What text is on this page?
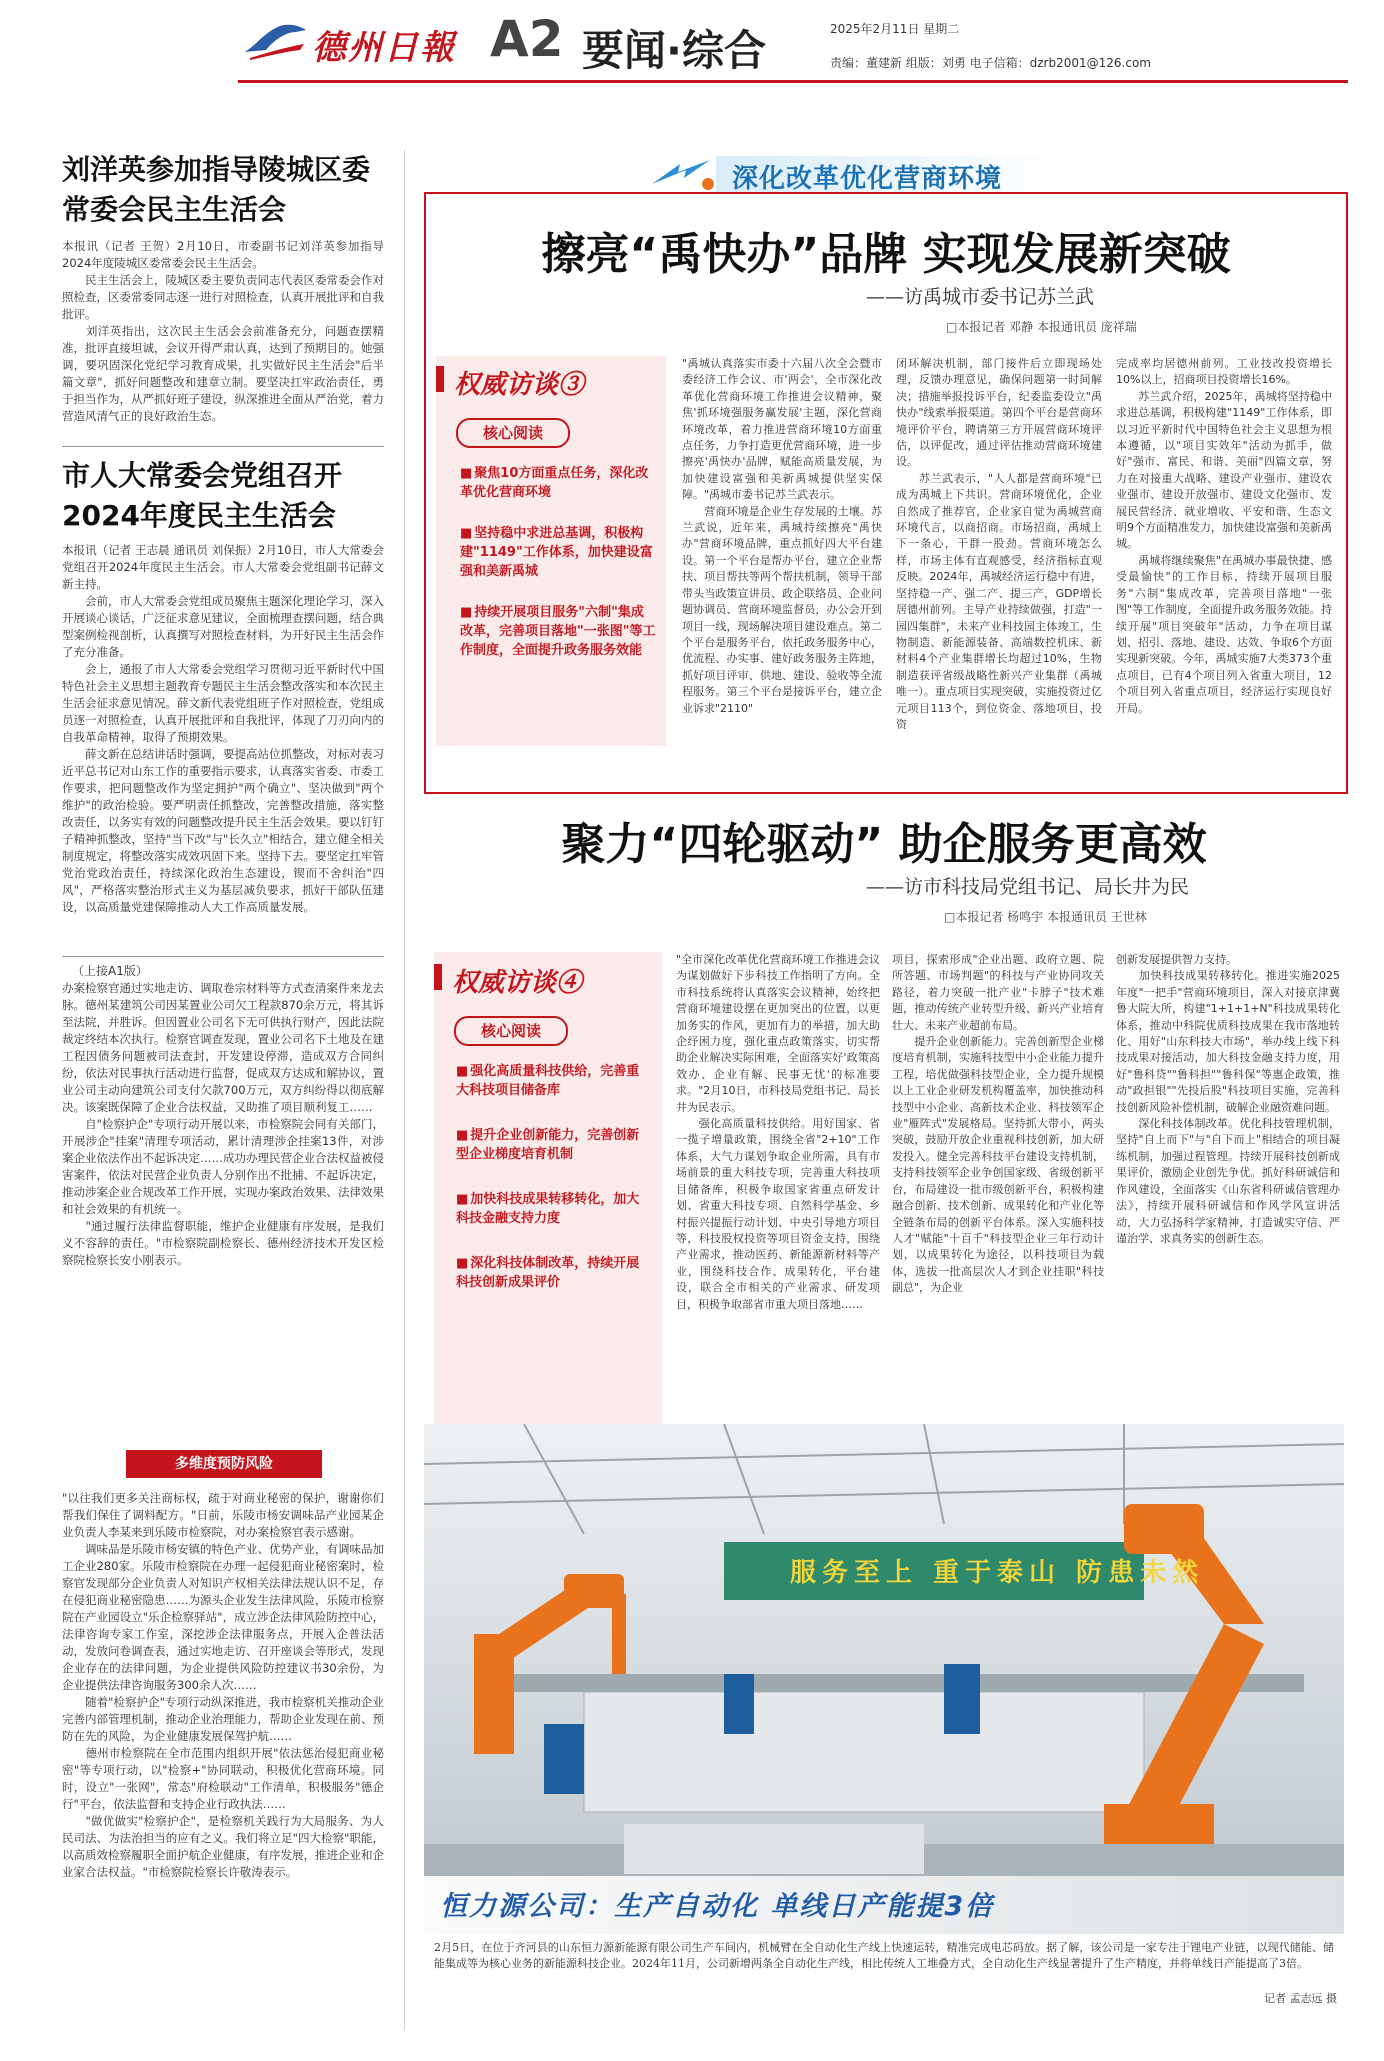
德州日報 A2 要闻·综合	2025年2月11日 星期二
责编：董建新 组版：刘勇 电子信箱：dzrb2001@126.com
刘洋英参加指导陵城区委常委会民主生活会
本报讯（记者 王贺）2月10日，市委副书记刘洋英参加指导2024年度陵城区委常委会民主生活会。
　　民主生活会上，陵城区委主要负责同志代表区委常委会作对照检查，区委常委同志逐一进行对照检查，认真开展批评和自我批评。
　　刘洋英指出，这次民主生活会会前准备充分，问题查摆精准，批评直接坦诚，会议开得严肃认真，达到了预期目的。她强调，要巩固深化党纪学习教育成果，扎实做好民主生活会"后半篇文章"，抓好问题整改和建章立制。要坚决扛牢政治责任，勇于担当作为，从严抓好班子建设，纵深推进全面从严治党，着力营造风清气正的良好政治生态。
市人大常委会党组召开2024年度民主生活会
本报讯（记者 王志晨 通讯员 刘保振）2月10日，市人大常委会党组召开2024年度民主生活会。市人大常委会党组副书记薛文新主持。
　　会前，市人大常委会党组成员聚焦主题深化理论学习，深入开展谈心谈话，广泛征求意见建议，全面梳理查摆问题，结合典型案例检视剖析，认真撰写对照检查材料，为开好民主生活会作了充分准备。
　　会上，通报了市人大常委会党组学习贯彻习近平新时代中国特色社会主义思想主题教育专题民主生活会整改落实和本次民主生活会征求意见情况。薛文新代表党组班子作对照检查，党组成员逐一对照检查，认真开展批评和自我批评，体现了刀刃向内的自我革命精神，取得了预期效果。
　　薛文新在总结讲话时强调，要提高站位抓整改，对标对表习近平总书记对山东工作的重要指示要求，认真落实省委、市委工作要求，把问题整改作为坚定拥护"两个确立"、坚决做到"两个维护"的政治检验。要严明责任抓整改，完善整改措施，落实整改责任，以务实有效的问题整改提升民主生活会效果。要以钉钉子精神抓整改，坚持"当下改"与"长久立"相结合，建立健全相关制度规定，将整改落实成效巩固下来。坚持下去。要坚定扛牢管党治党政治责任，持续深化政治生态建设，锲而不舍纠治"四风"，严格落实整治形式主义为基层减负要求，抓好干部队伍建设，以高质量党建保障推动人大工作高质量发展。
（上接A1版）
办案检察官通过实地走访、调取卷宗材料等方式查清案件来龙去脉。德州某建筑公司因某置业公司欠工程款870余万元，将其诉至法院，并胜诉。但因置业公司名下无可供执行财产，因此法院裁定终结本次执行。检察官调查发现，置业公司名下土地及在建工程因债务问题被司法查封，开发建设停滞，造成双方合同纠纷，依法对民事执行活动进行监督，促成双方达成和解协议，置业公司主动向建筑公司支付欠款700万元，双方纠纷得以彻底解决。该案既保障了企业合法权益，又助推了项目顺利复工……
　　自"检察护企"专项行动开展以来，市检察院会同有关部门，开展涉企"挂案"清理专项活动，累计清理涉企挂案13件，对涉案企业依法作出不起诉决定……成功办理民营企业合法权益被侵害案件，依法对民营企业负责人分别作出不批捕、不起诉决定，推动涉案企业合规改革工作开展，实现办案政治效果、法律效果和社会效果的有机统一。
　　"通过履行法律监督职能，维护企业健康有序发展，是我们义不容辞的责任。"市检察院副检察长、德州经济技术开发区检察院检察长安小刚表示。
多维度预防风险
"以往我们更多关注商标权，疏于对商业秘密的保护，谢谢你们帮我们保住了调料配方。"日前，乐陵市杨安调味品产业园某企业负责人李某来到乐陵市检察院，对办案检察官表示感谢。
　　调味品是乐陵市杨安镇的特色产业、优势产业，有调味品加工企业280家。乐陵市检察院在办理一起侵犯商业秘密案时，检察官发现部分企业负责人对知识产权相关法律法规认识不足，存在侵犯商业秘密隐患……为源头企业发生法律风险，乐陵市检察院在产业园设立"乐企检察驿站"，成立涉企法律风险防控中心，法律咨询专家工作室，深挖涉企法律服务点，开展入企普法活动，发放问卷调查表，通过实地走访、召开座谈会等形式，发现企业存在的法律问题，为企业提供风险防控建议书30余份，为企业提供法律咨询服务300余人次……
　　随着"检察护企"专项行动纵深推进，我市检察机关推动企业完善内部管理机制，推动企业治理能力，帮助企业发现在前、预防在先的风险，为企业健康发展保驾护航……
　　德州市检察院在全市范围内组织开展"依法惩治侵犯商业秘密"等专项行动，以"检察+"协同联动，积极优化营商环境。同时，设立"一张网"，常态"府检联动"工作清单，积极服务"德企行"平台，依法监督和支持企业行政执法……
　　"做优做实"检察护企"，是检察机关践行为大局服务、为人民司法、为法治担当的应有之义。我们将立足"四大检察"职能，以高质效检察履职全面护航企业健康，有序发展，推进企业和企业家合法权益。"市检察院检察长许敬涛表示。
深化改革优化营商环境
擦亮“禹快办”品牌 实现发展新突破
——访禹城市委书记苏兰武
□本报记者 邓静 本报通讯员 庞祥瑞
权威访谈③
核心阅读
■ 聚焦10方面重点任务，深化改革优化营商环境
■ 坚持稳中求进总基调，积极构建"1149"工作体系，加快建设富强和美新禹城
■ 持续开展项目服务"六制"集成改革，完善项目落地"一张图"等工作制度，全面提升政务服务效能
"禹城认真落实市委十六届八次全会暨市委经济工作会议、市'两会'，全市深化改革优化营商环境工作推进会议精神，聚焦'抓环境强服务赢发展'主题，深化营商环境改革，着力推进营商环境10方面重点任务，力争打造更优营商环境，进一步擦亮'禹快办'品牌，赋能高质量发展，为加快建设富强和美新禹城提供坚实保障。"禹城市委书记苏兰武表示。
　　营商环境是企业生存发展的土壤。苏兰武说，近年来，禹城持续擦亮"禹快办"营商环境品牌，重点抓好四大平台建设。第一个平台是帮办平台，建立企业帮扶、项目帮扶等两个帮扶机制，领导干部带头当政策宣讲员、政企联络员、企业问题协调员、营商环境监督员，办公会开到项目一线，现场解决项目建设难点。第二个平台是服务平台，依托政务服务中心，优流程、办实事、建好政务服务主阵地，抓好项目评审、供地、建设、验收等全流程服务。第三个平台是接诉平台，建立企业诉求"2110"
闭环解决机制，部门接件后立即现场处理，反馈办理意见，确保问题第一时间解决；措施举报投诉平台，纪委监委设立"禹快办"线索举报渠道。第四个平台是营商环境评价平台，聘请第三方开展营商环境评估，以评促改，通过评估推动营商环境建设。
　　苏兰武表示，"人人都是营商环境"已成为禹城上下共识。营商环境优化，企业自然成了推荐官，企业家自觉为禹城营商环境代言，以商招商。市场招商，禹城上下一条心，干群一股劲。营商环境怎么样，市场主体有直观感受，经济指标直观反映。2024年，禹城经济运行稳中有进，坚持稳一产、强二产、提三产，GDP增长居德州前列。主导产业持续做强，打造"一园四集群"，未来产业科技园主体竣工，生物制造、新能源装备、高端数控机床、新材料4个产业集群增长均超过10%，生物制造获评省级战略性新兴产业集群（禹城唯一）。重点项目实现突破，实施投资过亿元项目113个，到位资金、落地项目，投资
完成率均居德州前列。工业技改投资增长10%以上，招商项目投资增长16%。
　　苏兰武介绍，2025年，禹城将坚持稳中求进总基调，积极构建"1149"工作体系，即以习近平新时代中国特色社会主义思想为根本遵循，以"项目实效年"活动为抓手，做好"强市、富民、和谐、美丽"四篇文章，努力在对接重大战略、建设产业强市、建设农业强市、建设开放强市、建设文化强市、发展民营经济、就业增收、平安和谐、生态文明9个方面精准发力，加快建设富强和美新禹城。
　　禹城将继续聚焦"在禹城办事最快捷、感受最愉快"的工作目标，持续开展项目服务"六制"集成改革，完善项目落地"一张图"等工作制度，全面提升政务服务效能。持续开展"项目突破年"活动，力争在项目谋划、招引、落地、建设、达效、争取6个方面实现新突破。今年，禹城实施7大类373个重点项目，已有4个项目列入省重大项目，12个项目列入省重点项目，经济运行实现良好开局。
聚力“四轮驱动” 助企服务更高效
——访市科技局党组书记、局长井为民
□本报记者 杨鸣宇 本报通讯员 王世林
权威访谈④
核心阅读
■ 强化高质量科技供给，完善重大科技项目储备库
■ 提升企业创新能力，完善创新型企业梯度培育机制
■ 加快科技成果转移转化，加大科技金融支持力度
■ 深化科技体制改革，持续开展科技创新成果评价
"全市深化改革优化营商环境工作推进会议为谋划做好下步科技工作指明了方向。全市科技系统将认真落实会议精神，始终把营商环境建设摆在更加突出的位置，以更加务实的作风，更加有力的举措，加大助企纾困力度，强化重点政策落实，切实帮助企业解决实际困难，全面落实好'政策高效办、企业有解、民事无忧'的标准要求。"2月10日，市科技局党组书记、局长井为民表示。
　　强化高质量科技供给。用好国家、省一揽子增量政策，围绕全省"2+10"工作体系，大气力谋划争取企业所需，具有市场前景的重大科技专项，完善重大科技项目储备库，积极争取国家省重点研发计划、省重大科技专项、自然科学基金、乡村振兴提振行动计划、中央引导地方项目等，科技股权投资等项目资金支持，围绕产业需求，推动医药、新能源新材料等产业，围绕科技合作、成果转化，平台建设，联合全市相关的产业需求、研发项目，积极争取部省市重大项目落地……
项目，探索形成"企业出题、政府立题、院所答题、市场判题"的科技与产业协同攻关路径，着力突破一批产业"卡脖子"技术难题，推动传统产业转型升级、新兴产业培育壮大、未来产业超前布局。
　　提升企业创新能力。完善创新型企业梯度培育机制，实施科技型中小企业能力提升工程，培优做强科技型企业，全力提升规模以上工业企业研发机构覆盖率，加快推动科技型中小企业、高新技术企业、科技领军企业"雁阵式"发展格局。坚持抓大带小，两头突破，鼓励开放企业重视科技创新，加大研发投入。健全完善科技平台建设支持机制，支持科技领军企业争创国家级、省级创新平台，布局建设一批市级创新平台，积极构建融合创新、技术创新、成果转化和产业化等全链条布局的创新平台体系。深入实施科技人才"赋能"十百千"科技型企业三年行动计划，以成果转化为途径，以科技项目为载体，选拔一批高层次人才到企业挂职"科技副总"，为企业
创新发展提供智力支持。
　　加快科技成果转移转化。推进实施2025年度"一把手"营商环境项目，深入对接京津冀鲁大院大所，构建"1+1+1+N"科技成果转化体系，推动中科院优质科技成果在我市落地转化、用好"山东科技大市场"，举办线上线下科技成果对接活动，加大科技金融支持力度，用好"鲁科贷""鲁科担""鲁科保"等惠企政策，推动"政担银""先投后股"科技项目实施，完善科技创新风险补偿机制，破解企业融资难问题。
　　深化科技体制改革。优化科技管理机制，坚持"自上而下"与"自下而上"相结合的项目凝练机制，加强过程管理。持续开展科技创新成果评价，激励企业创先争优。抓好科研诚信和作风建设，全面落实《山东省科研诚信管理办法》，持续开展科研诚信和作风学风宣讲活动，大力弘扬科学家精神，打造诚实守信、严谨治学、求真务实的创新生态。
服务至上 重于泰山 防患未然
恒力源公司：生产自动化 单线日产能提3倍
2月5日，在位于齐河县的山东恒力源新能源有限公司生产车间内，机械臂在全自动化生产线上快速运转，精准完成电芯码放。据了解，该公司是一家专注于锂电产业链，以现代储能、储能集成等为核心业务的新能源科技企业。2024年11月，公司新增两条全自动化生产线，相比传统人工堆叠方式，全自动化生产线显著提升了生产精度，并将单线日产能提高了3倍。
记者 孟志远 摄
